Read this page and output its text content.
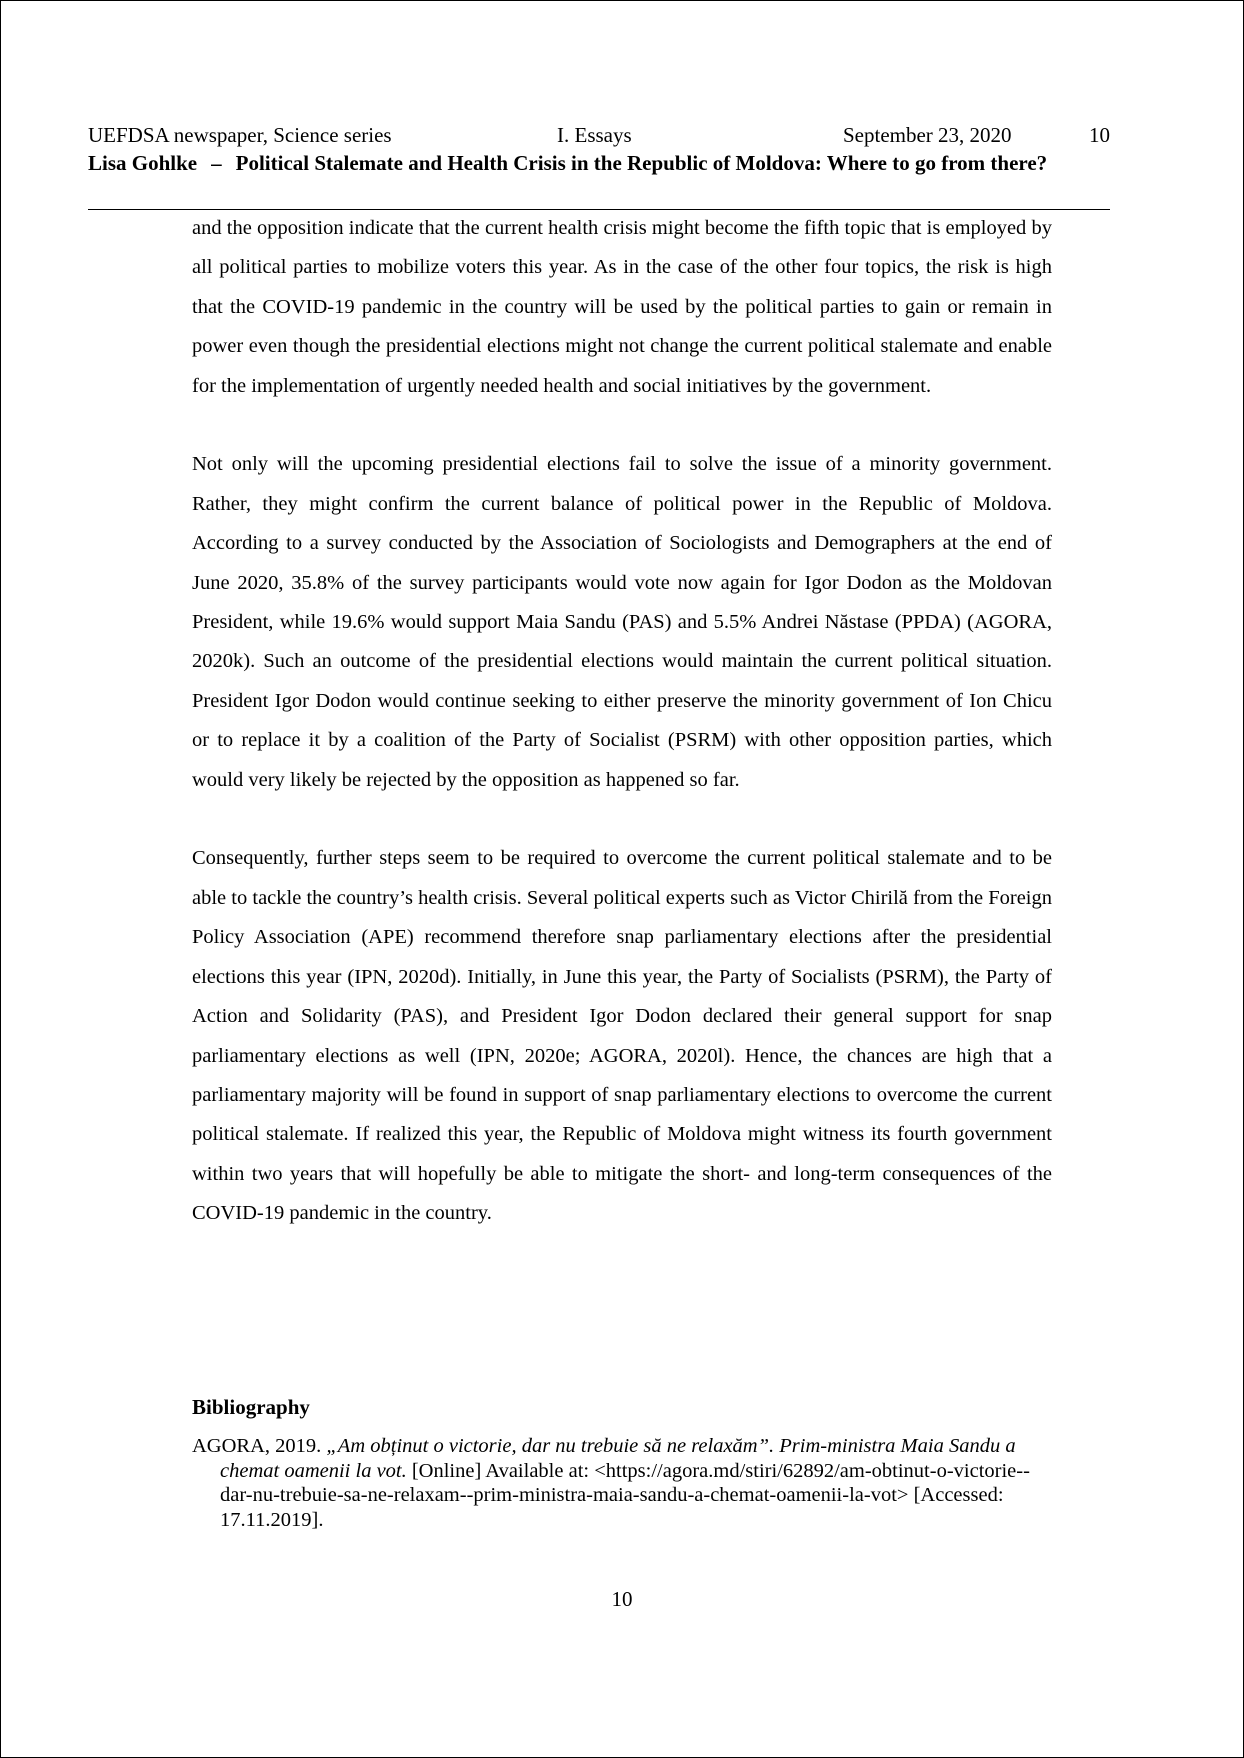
UEFDSA newspaper, Science series	I. Essays	September 23, 2020	10

Lisa Gohlke – Political Stalemate and Health Crisis in the Republic of Moldova: Where to go from there?

and the opposition indicate that the current health crisis might become the fifth topic that is employed by all political parties to mobilize voters this year. As in the case of the other four topics, the risk is high that the COVID-19 pandemic in the country will be used by the political parties to gain or remain in power even though the presidential elections might not change the current political stalemate and enable for the implementation of urgently needed health and social initiatives by the government.

Not only will the upcoming presidential elections fail to solve the issue of a minority government. Rather, they might confirm the current balance of political power in the Republic of Moldova. According to a survey conducted by the Association of Sociologists and Demographers at the end of June 2020, 35.8% of the survey participants would vote now again for Igor Dodon as the Moldovan President, while 19.6% would support Maia Sandu (PAS) and 5.5% Andrei Năstase (PPDA) (AGORA, 2020k). Such an outcome of the presidential elections would maintain the current political situation. President Igor Dodon would continue seeking to either preserve the minority government of Ion Chicu or to replace it by a coalition of the Party of Socialist (PSRM) with other opposition parties, which would very likely be rejected by the opposition as happened so far.

Consequently, further steps seem to be required to overcome the current political stalemate and to be able to tackle the country’s health crisis. Several political experts such as Victor Chirilă from the Foreign Policy Association (APE) recommend therefore snap parliamentary elections after the presidential elections this year (IPN, 2020d). Initially, in June this year, the Party of Socialists (PSRM), the Party of Action and Solidarity (PAS), and President Igor Dodon declared their general support for snap parliamentary elections as well (IPN, 2020e; AGORA, 2020l). Hence, the chances are high that a parliamentary majority will be found in support of snap parliamentary elections to overcome the current political stalemate. If realized this year, the Republic of Moldova might witness its fourth government within two years that will hopefully be able to mitigate the short- and long-term consequences of the COVID-19 pandemic in the country.

Bibliography

AGORA, 2019. „Am obținut o victorie, dar nu trebuie să ne relaxăm”. Prim-ministra Maia Sandu a chemat oamenii la vot. [Online] Available at: <https://agora.md/stiri/62892/am-obtinut-o-victorie--dar-nu-trebuie-sa-ne-relaxam--prim-ministra-maia-sandu-a-chemat-oamenii-la-vot> [Accessed: 17.11.2019].

10
